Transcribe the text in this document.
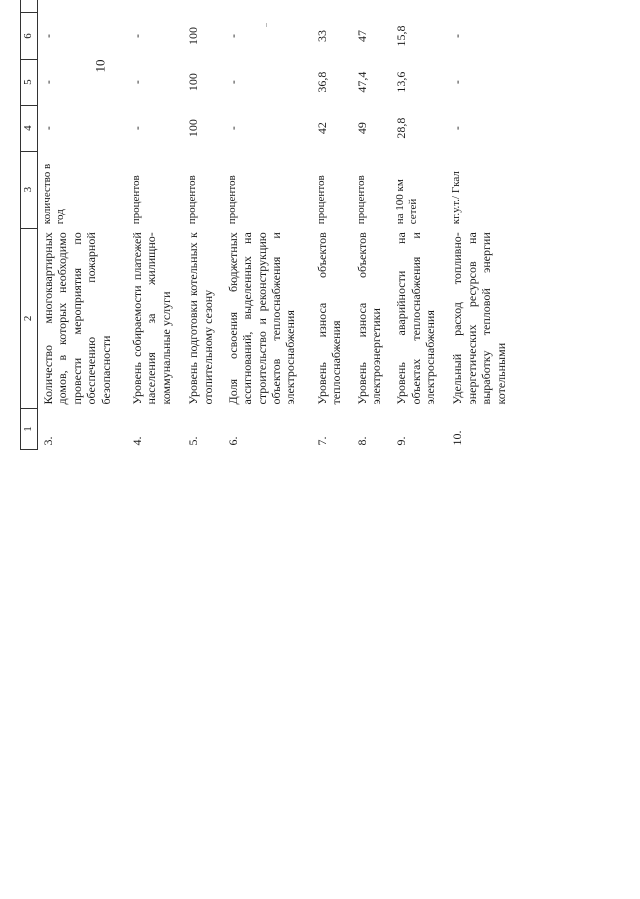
10
1	2	3	4	5	6							
3.	Количество многоквартирных домов, в которых необходимо провести мероприятия по обеспечению пожарной безопасности	количество в год	-	-	-							
4.	Уровень собираемости платежей населения за жилищно-коммунальные услуги	процентов	-	-	-							
5.	Уровень подготовки котельных к отопительному сезону	процентов	100	100	100							
6.	Доля освоения бюджетных ассигнований, выделенных на строительство и реконструкцию объектов теплоснабжения и электроснабжения	процентов	-	-	-							
7.	Уровень износа объектов теплоснабжения	процентов	42	36,8	33							
8.	Уровень износа объектов электроэнергетики	процентов	49	47,4	47							
9.	Уровень аварийности на объектах теплоснабжения и электроснабжения	на 100 км сетей	28,8	13,6	15,8							
10.	Удельный расход топливно-энергетических ресурсов на выработку тепловой энергии котельными	кг.у.т./ Гкал	-	-	-							
